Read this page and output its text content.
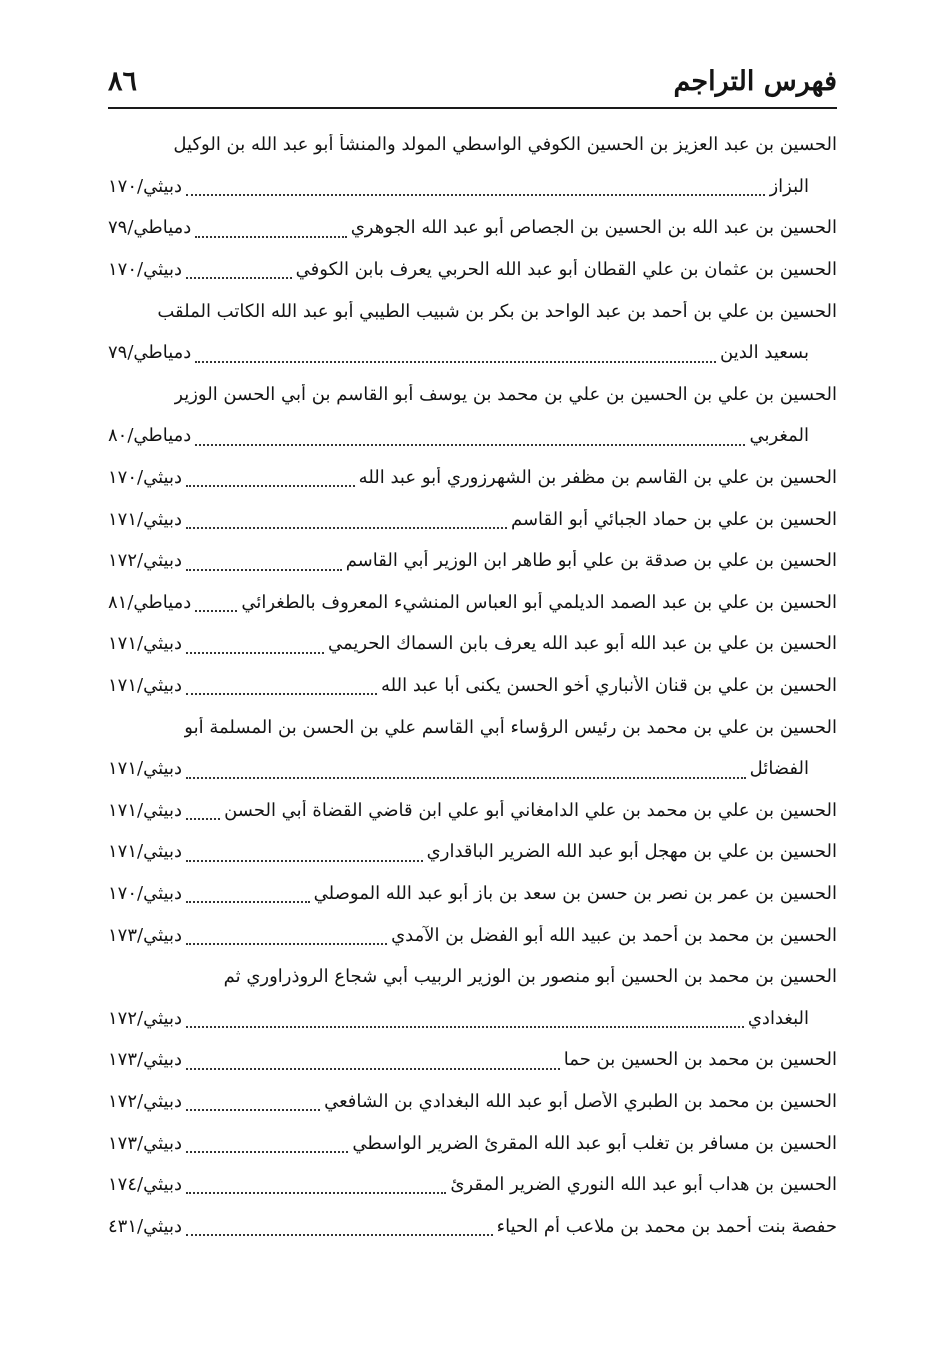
٨٦	فهرس التراجم
الحسين بن عبد العزيز بن الحسين الكوفي الواسطي المولد والمنشأ أبو عبد الله بن الوكيل
البزاز
دبيثي/١٧٠
الحسين بن عبد الله بن الحسين بن الجصاص أبو عبد الله الجوهري
دمياطي/٧٩
الحسين بن عثمان بن علي القطان أبو عبد الله الحربي يعرف بابن الكوفي
دبيثي/١٧٠
الحسين بن علي بن أحمد بن عبد الواحد بن بكر بن شبيب الطيبي أبو عبد الله الكاتب الملقب
بسعيد الدين
دمياطي/٧٩
الحسين بن علي بن الحسين بن علي بن محمد بن يوسف أبو القاسم بن أبي الحسن الوزير
المغربي
دمياطي/٨٠
الحسين بن علي بن القاسم بن مظفر بن الشهرزوري أبو عبد الله
دبيثي/١٧٠
الحسين بن علي بن حماد الجبائي أبو القاسم
دبيثي/١٧١
الحسين بن علي بن صدقة بن علي أبو طاهر ابن الوزير أبي القاسم
دبيثي/١٧٢
الحسين بن علي بن عبد الصمد الديلمي أبو العباس المنشيء المعروف بالطغرائي
دمياطي/٨١
الحسين بن علي بن عبد الله أبو عبد الله يعرف بابن السماك الحريمي
دبيثي/١٧١
الحسين بن علي بن قنان الأنباري أخو الحسن يكنى أبا عبد الله
دبيثي/١٧١
الحسين بن علي بن محمد بن رئيس الرؤساء أبي القاسم علي بن الحسن بن المسلمة أبو
الفضائل
دبيثي/١٧١
الحسين بن علي بن محمد بن علي الدامغاني أبو علي ابن قاضي القضاة أبي الحسن
دبيثي/١٧١
الحسين بن علي بن مهجل أبو عبد الله الضرير الباقداري
دبيثي/١٧١
الحسين بن عمر بن نصر بن حسن بن سعد بن باز أبو عبد الله الموصلي
دبيثي/١٧٠
الحسين بن محمد بن أحمد بن عبيد الله أبو الفضل بن الآمدي
دبيثي/١٧٣
الحسين بن محمد بن الحسين أبو منصور بن الوزير الربيب أبي شجاع الروذراوري ثم
البغدادي
دبيثي/١٧٢
الحسين بن محمد بن الحسين بن حما
دبيثي/١٧٣
الحسين بن محمد بن الطبري الأصل أبو عبد الله البغدادي بن الشافعي
دبيثي/١٧٢
الحسين بن مسافر بن تغلب أبو عبد الله المقرئ الضرير الواسطي
دبيثي/١٧٣
الحسين بن هداب أبو عبد الله النوري الضرير المقرئ
دبيثي/١٧٤
حفصة بنت أحمد بن محمد بن ملاعب أم الحياء
دبيثي/٤٣١
